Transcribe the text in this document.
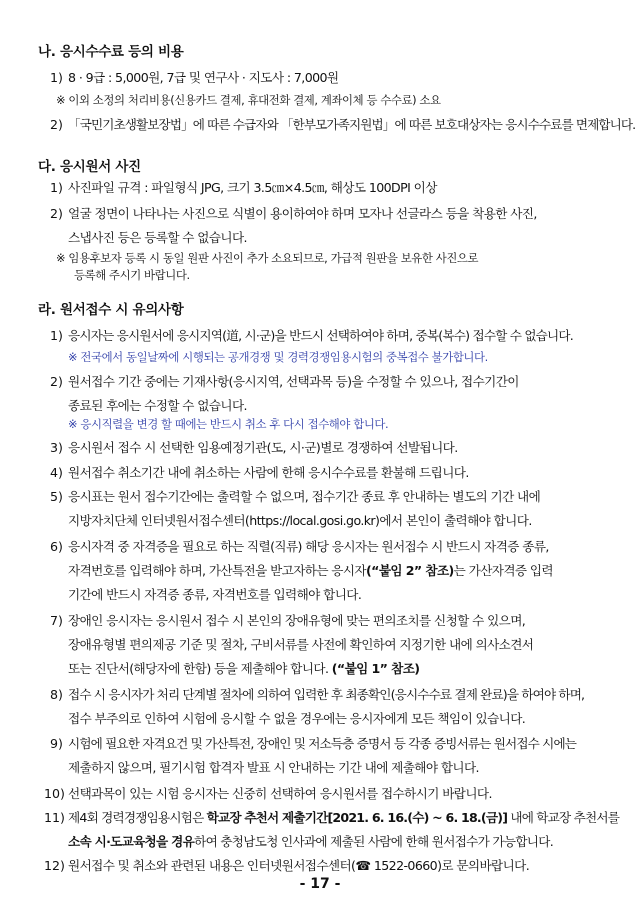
나. 응시수수료 등의 비용
1) 8 · 9급 : 5,000원, 7급 및 연구사 · 지도사 : 7,000원
※ 이외 소정의 처리비용(신용카드 결제, 휴대전화 결제, 계좌이체 등 수수료) 소요
2) 「국민기초생활보장법」에 따른 수급자와 「한부모가족지원법」에 따른 보호대상자는 응시수수료를 면제합니다.
다. 응시원서 사진
1) 사진파일 규격 : 파일형식 JPG, 크기 3.5㎝×4.5㎝, 해상도 100DPI 이상
2) 얼굴 정면이 나타나는 사진으로 식별이 용이하여야 하며 모자나 선글라스 등을 착용한 사진,
스냅사진 등은 등록할 수 없습니다.
※ 임용후보자 등록 시 동일 원판 사진이 추가 소요되므로, 가급적 원판을 보유한 사진으로
등록해 주시기 바랍니다.
라. 원서접수 시 유의사항
1) 응시자는 응시원서에 응시지역(道, 시·군)을 반드시 선택하여야 하며, 중복(복수) 접수할 수 없습니다.
※ 전국에서 동일날짜에 시행되는 공개경쟁 및 경력경쟁임용시험의 중복접수 불가합니다.
2) 원서접수 기간 중에는 기재사항(응시지역, 선택과목 등)을 수정할 수 있으나, 접수기간이
종료된 후에는 수정할 수 없습니다.
※ 응시직렬을 변경 할 때에는 반드시 취소 후 다시 접수해야 합니다.
3) 응시원서 접수 시 선택한 임용예정기관(도, 시·군)별로 경쟁하여 선발됩니다.
4) 원서접수 취소기간 내에 취소하는 사람에 한해 응시수수료를 환불해 드립니다.
5) 응시표는 원서 접수기간에는 출력할 수 없으며, 접수기간 종료 후 안내하는 별도의 기간 내에
지방자치단체 인터넷원서접수센터(https://local.gosi.go.kr)에서 본인이 출력해야 합니다.
6) 응시자격 중 자격증을 필요로 하는 직렬(직류) 해당 응시자는 원서접수 시 반드시 자격증 종류,
자격번호를 입력해야 하며, 가산특전을 받고자하는 응시자(“붙임 2” 참조)는 가산자격증 입력
기간에 반드시 자격증 종류, 자격번호를 입력해야 합니다.
7) 장애인 응시자는 응시원서 접수 시 본인의 장애유형에 맞는 편의조치를 신청할 수 있으며,
장애유형별 편의제공 기준 및 절차, 구비서류를 사전에 확인하여 지정기한 내에 의사소견서
또는 진단서(해당자에 한함) 등을 제출해야 합니다. (“붙임 1” 참조)
8) 접수 시 응시자가 처리 단계별 절차에 의하여 입력한 후 최종확인(응시수수료 결제 완료)을 하여야 하며,
접수 부주의로 인하여 시험에 응시할 수 없을 경우에는 응시자에게 모든 책임이 있습니다.
9) 시험에 필요한 자격요건 및 가산특전, 장애인 및 저소득층 증명서 등 각종 증빙서류는 원서접수 시에는
제출하지 않으며, 필기시험 합격자 발표 시 안내하는 기간 내에 제출해야 합니다.
10) 선택과목이 있는 시험 응시자는 신중히 선택하여 응시원서를 접수하시기 바랍니다.
11) 제4회 경력경쟁임용시험은 학교장 추천서 제출기간[2021. 6. 16.(수) ~ 6. 18.(금)] 내에 학교장 추천서를
소속 시·도교육청을 경유하여 충청남도청 인사과에 제출된 사람에 한해 원서접수가 가능합니다.
12) 원서접수 및 취소와 관련된 내용은 인터넷원서접수센터(☎ 1522-0660)로 문의바랍니다.
- 17 -
